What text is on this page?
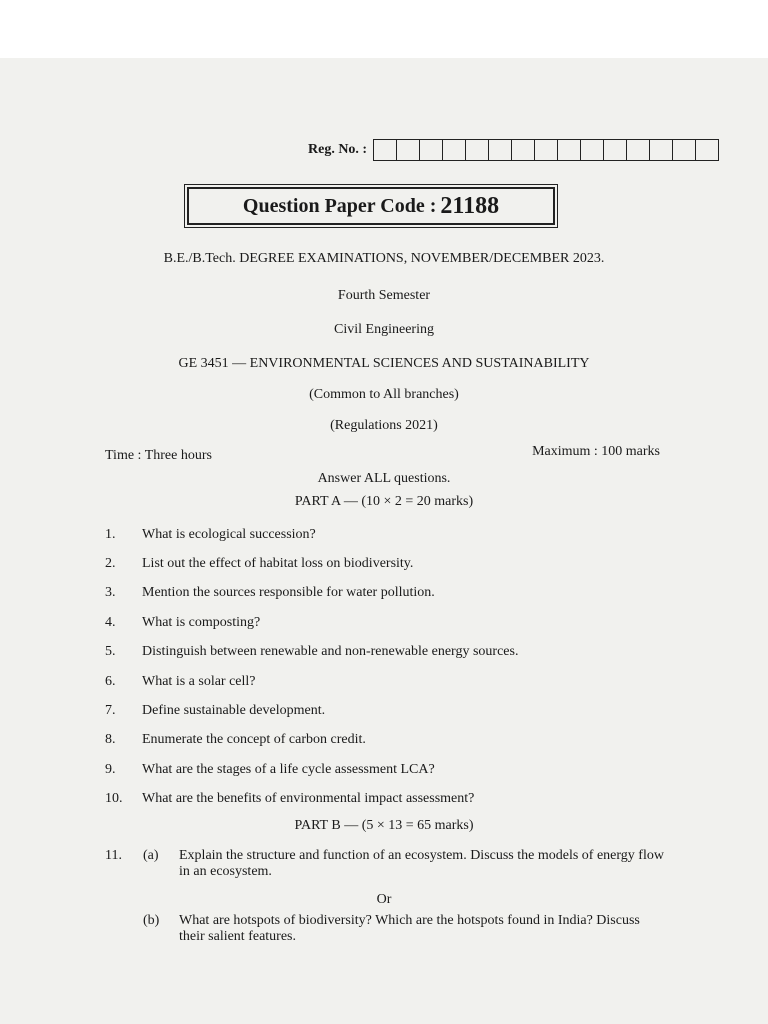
Reg. No. :
Question Paper Code : 21188
B.E./B.Tech. DEGREE EXAMINATIONS, NOVEMBER/DECEMBER 2023.
Fourth Semester
Civil Engineering
GE 3451 — ENVIRONMENTAL SCIENCES AND SUSTAINABILITY
(Common to All branches)
(Regulations 2021)
Time : Three hours	Maximum : 100 marks
Answer ALL questions.
PART A — (10 × 2 = 20 marks)
1. What is ecological succession?
2. List out the effect of habitat loss on biodiversity.
3. Mention the sources responsible for water pollution.
4. What is composting?
5. Distinguish between renewable and non-renewable energy sources.
6. What is a solar cell?
7. Define sustainable development.
8. Enumerate the concept of carbon credit.
9. What are the stages of a life cycle assessment LCA?
10. What are the benefits of environmental impact assessment?
PART B — (5 × 13 = 65 marks)
11. (a) Explain the structure and function of an ecosystem. Discuss the models of energy flow in an ecosystem.
Or
(b) What are hotspots of biodiversity? Which are the hotspots found in India? Discuss their salient features.
